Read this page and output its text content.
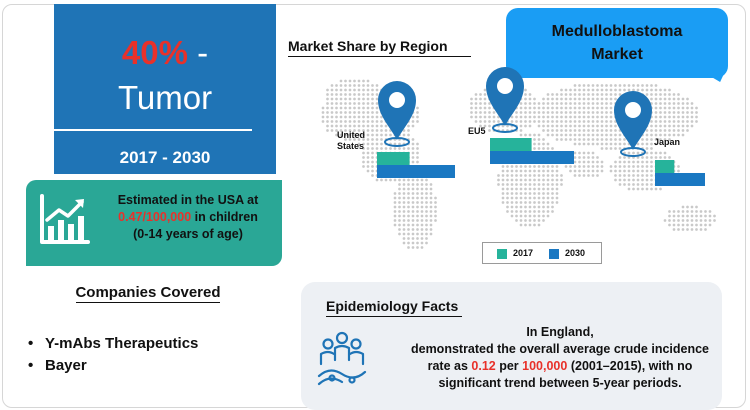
40% -
Tumor
2017 - 2030
Estimated in the USA at
0.47/100,000 in children
(0-14 years of age)
Companies Covered
• Y-mAbs Therapeutics
• Bayer
Market Share by Region
Medulloblastoma
Market
United
States
EU5
Japan
2017	2030
Epidemiology Facts
In England,
demonstrated the overall average crude incidence
rate as 0.12 per 100,000 (2001–2015), with no
significant trend between 5-year periods.
